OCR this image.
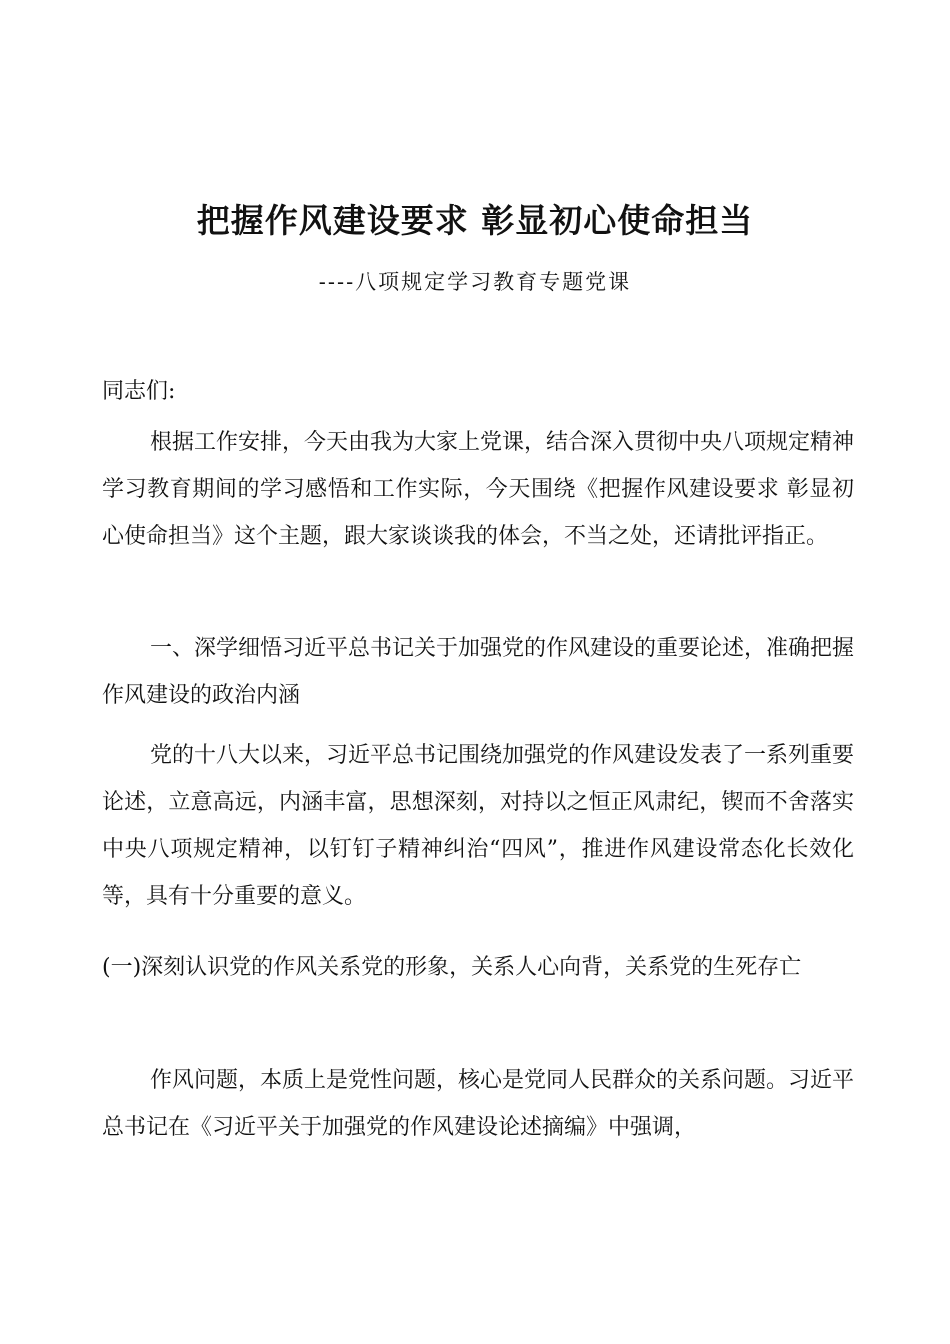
把握作风建设要求 彰显初心使命担当
----八项规定学习教育专题党课
同志们:
根据工作安排，今天由我为大家上党课，结合深入贯彻中央八项规定精神学习教育期间的学习感悟和工作实际，今天围绕《把握作风建设要求 彰显初心使命担当》这个主题，跟大家谈谈我的体会，不当之处，还请批评指正。
一、深学细悟习近平总书记关于加强党的作风建设的重要论述，准确把握作风建设的政治内涵
党的十八大以来，习近平总书记围绕加强党的作风建设发表了一系列重要论述，立意高远，内涵丰富，思想深刻，对持以之恒正风肃纪，锲而不舍落实中央八项规定精神，以钉钉子精神纠治“四风”，推进作风建设常态化长效化等，具有十分重要的意义。
(一)深刻认识党的作风关系党的形象，关系人心向背，关系党的生死存亡
作风问题，本质上是党性问题，核心是党同人民群众的关系问题。习近平总书记在《习近平关于加强党的作风建设论述摘编》中强调，
